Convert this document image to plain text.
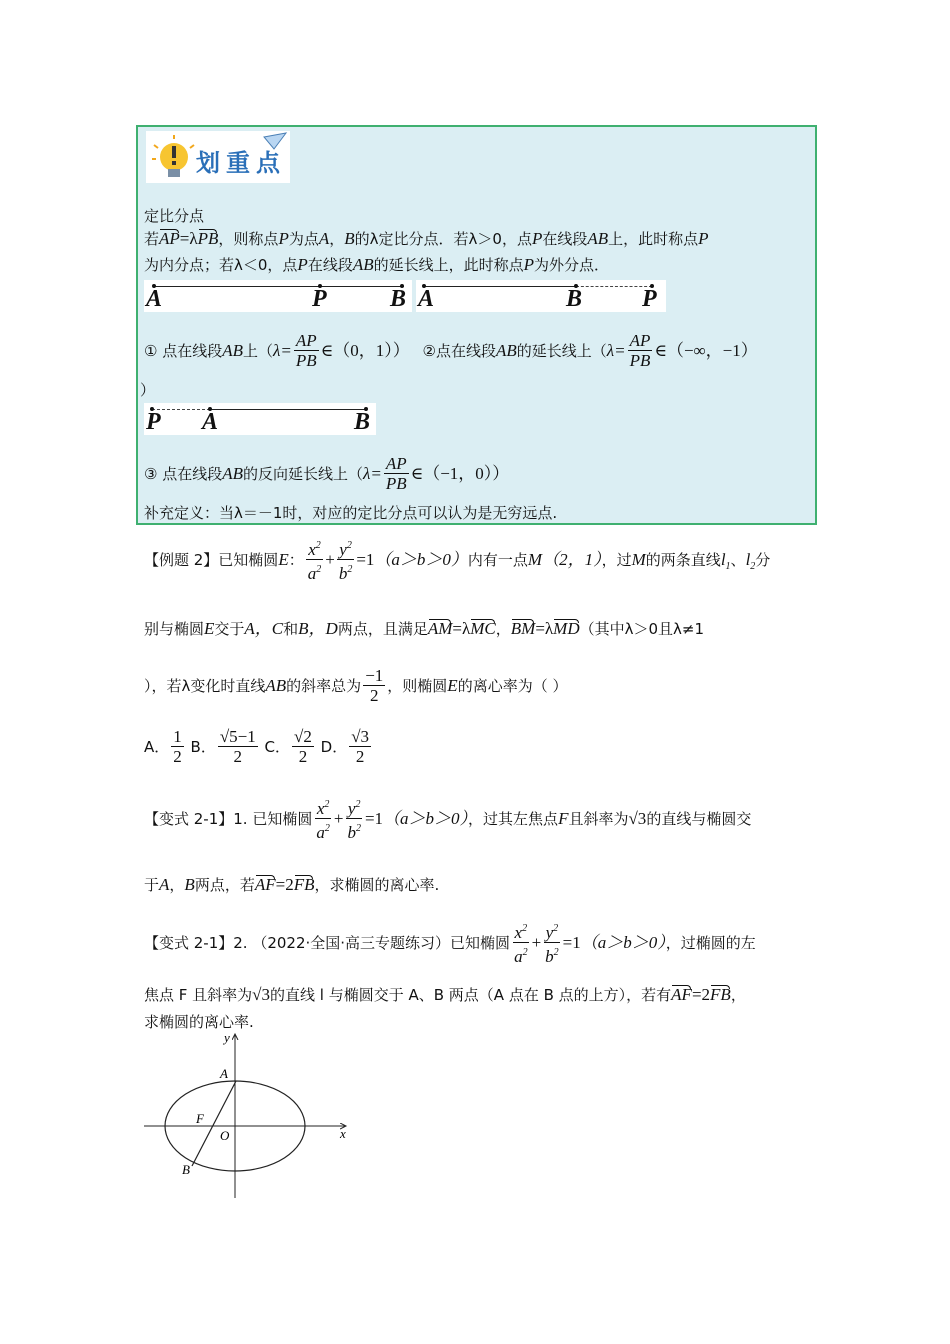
划重点
定比分点
若AP=λPB，则称点P为点A，B的λ定比分点．若λ＞0，点P在线段AB上，此时称点P
为内分点；若λ＜0，点P在线段AB的延长线上，此时称点P为外分点．
A	P	B A	B P
① 点在线段AB上（$\lambda= \frac{AP}{PB}$ ∈（0，1）） ②点在线段AB的延长线上（$\lambda= \frac{AP}{PB}$ ∈（−∞，−1）
）
P A	B
③ 点在线段AB的反向延长线上（$\lambda= \frac{AP}{PB}$ ∈（−1，0））
补充定义：当λ＝－1时，对应的定比分点可以认为是无穷远点.
【例题 2】已知椭圆E： $\frac{x^2}{a^2} + \frac{y^2}{b^2} =1(a>b>0)$内有一点M（2，1），过M的两条直线$l_1$、$l_2$分
别与椭圆E交于A，C和B，D两点，且满足AM=λMC，BM=λMD（其中λ＞0且λ≠1
），若λ变化时直线AB的斜率总为 $\frac{-1}{2}$ ，则椭圆E的离心率为（ ）
A． $\frac{1}{2}$ B． $\frac{√5-1}{2}$ C． $\frac{√2}{2}$ D． $\frac{√3}{2}$
【变式 2-1】1. 已知椭圆 $\frac{x^2}{a^2} + \frac{y^2}{b^2} =1(a>b>0)$，过其左焦点F且斜率为√3的直线与椭圆交
于A，B两点，若AF=2FB，求椭圆的离心率.
【变式 2-1】2. （2022·全国·高三专题练习）已知椭圆 $\frac{x^2}{a^2} + \frac{y^2}{b^2} =1(a>b>0)$，过椭圆的左
焦点 F 且斜率为√3的直线 l 与椭圆交于 A、B 两点（A 点在 B 点的上方），若有AF=2FB，
求椭圆的离心率.
y
x
O
A
F
B
